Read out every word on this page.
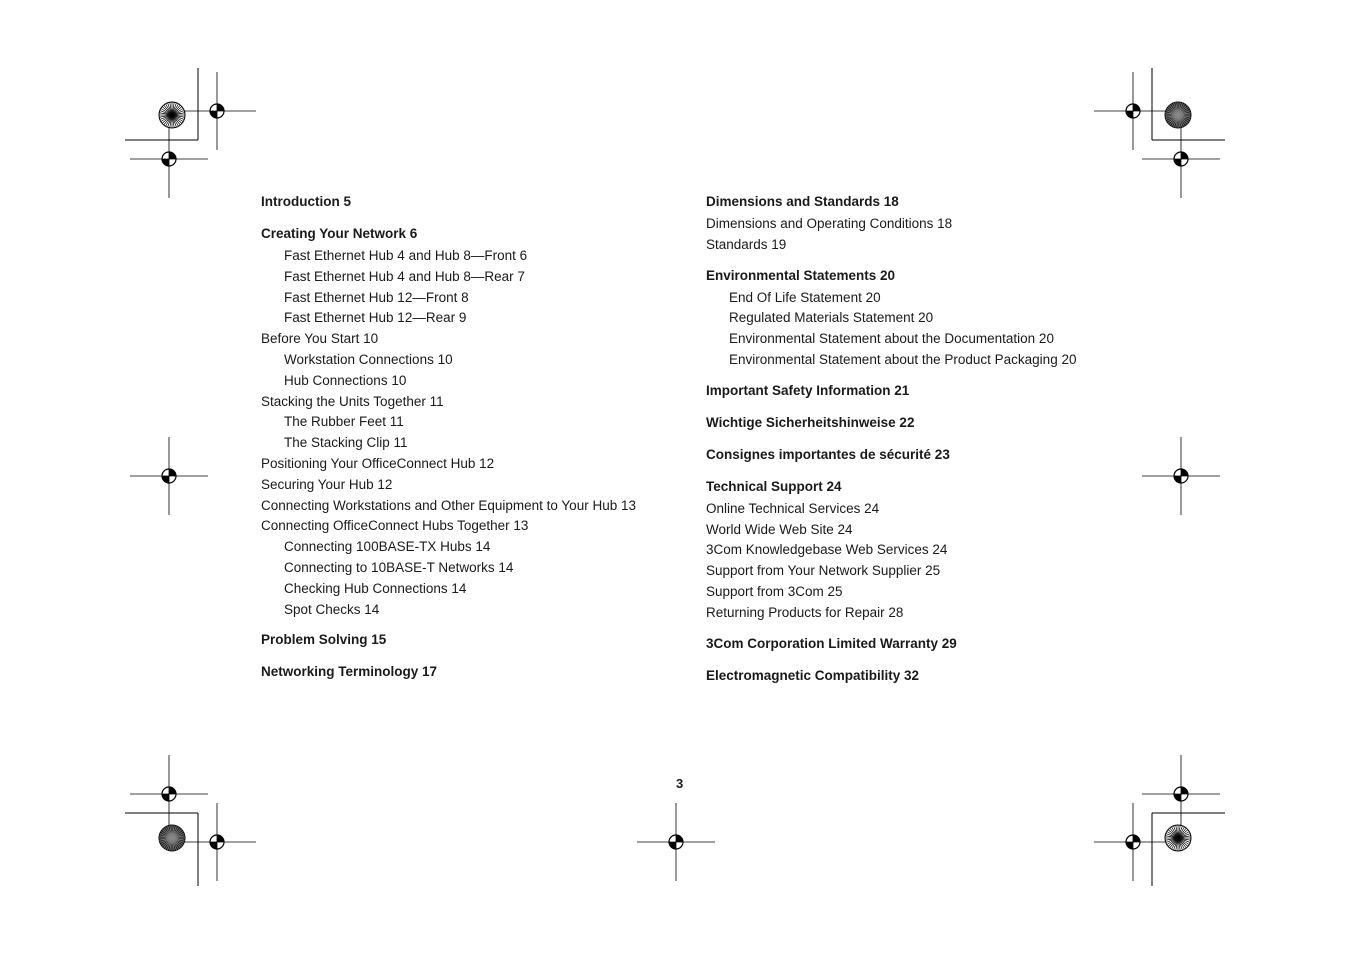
Introduction 5
Creating Your Network 6
Fast Ethernet Hub 4 and Hub 8—Front 6
Fast Ethernet Hub 4 and Hub 8—Rear 7
Fast Ethernet Hub 12—Front 8
Fast Ethernet Hub 12—Rear 9
Before You Start 10
Workstation Connections 10
Hub Connections 10
Stacking the Units Together 11
The Rubber Feet 11
The Stacking Clip 11
Positioning Your OfficeConnect Hub 12
Securing Your Hub 12
Connecting Workstations and Other Equipment to Your Hub 13
Connecting OfficeConnect Hubs Together 13
Connecting 100BASE-TX Hubs 14
Connecting to 10BASE-T Networks 14
Checking Hub Connections 14
Spot Checks 14
Problem Solving 15
Networking Terminology 17
Dimensions and Standards 18
Dimensions and Operating Conditions 18
Standards 19
Environmental Statements 20
End Of Life Statement 20
Regulated Materials Statement 20
Environmental Statement about the Documentation 20
Environmental Statement about the Product Packaging 20
Important Safety Information 21
Wichtige Sicherheitshinweise 22
Consignes importantes de sécurité 23
Technical Support 24
Online Technical Services 24
World Wide Web Site 24
3Com Knowledgebase Web Services 24
Support from Your Network Supplier 25
Support from 3Com 25
Returning Products for Repair 28
3Com Corporation Limited Warranty 29
Electromagnetic Compatibility 32
3
